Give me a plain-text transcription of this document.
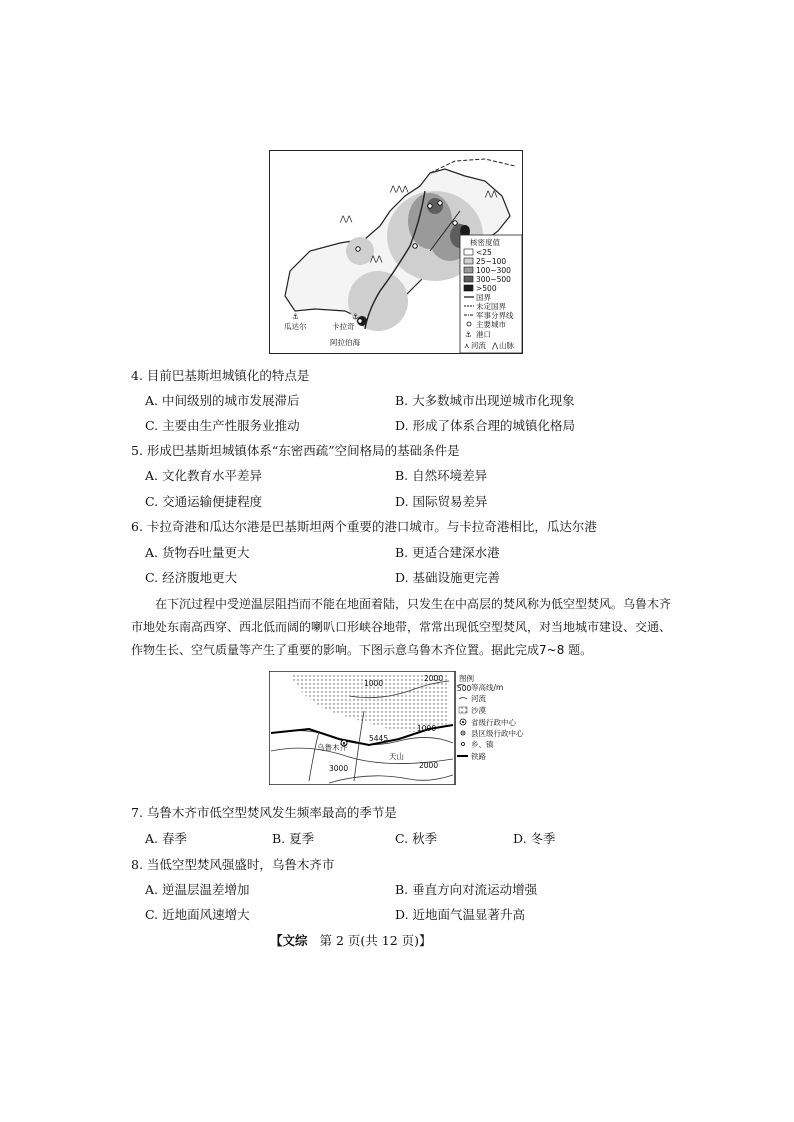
⋀⋀
⋀⋀
⋀⋀⋀
⋀⋀
瓜达尔	卡拉奇
阿拉伯海
⚓	⚓
核密度值
<25
25~100
100~300
300~500
>500
国界
未定国界
军事分界线
主要城市
⚓ 港口
⋏ 河流 ⋀ 山脉
4. 目前巴基斯坦城镇化的特点是
A. 中间级别的城市发展滞后	B. 大多数城市出现逆城市化现象
C. 主要由生产性服务业推动	D. 形成了体系合理的城镇化格局
5. 形成巴基斯坦城镇体系“东密西疏”空间格局的基础条件是
A. 文化教育水平差异	B. 自然环境差异
C. 交通运输便捷程度	D. 国际贸易差异
6. 卡拉奇港和瓜达尔港是巴基斯坦两个重要的港口城市。与卡拉奇港相比，瓜达尔港
A. 货物吞吐量更大	B. 更适合建深水港
C. 经济腹地更大	D. 基础设施更完善
在下沉过程中受逆温层阻挡而不能在地面着陆，只发生在中高层的焚风称为低空型焚风。乌鲁木齐市地处东南高西穿、西北低而阔的喇叭口形峡谷地带，常常出现低空型焚风，对当地城市建设、交通、作物生长、空气质量等产生了重要的影响。下图示意乌鲁木齐位置。据此完成7~8 题。
1000
2000
1000
2000
3000
5445
乌鲁木齐
天山
图例
500 等高线/m
河流
沙漠
省级行政中心
县区级行政中心
乡、镇
铁路
7. 乌鲁木齐市低空型焚风发生频率最高的季节是
A. 春季	B. 夏季	C. 秋季	D. 冬季
8. 当低空型焚风强盛时，乌鲁木齐市
A. 逆温层温差增加	B. 垂直方向对流运动增强
C. 近地面风速增大	D. 近地面气温显著升高
【文综 第 2 页(共 12 页)】
